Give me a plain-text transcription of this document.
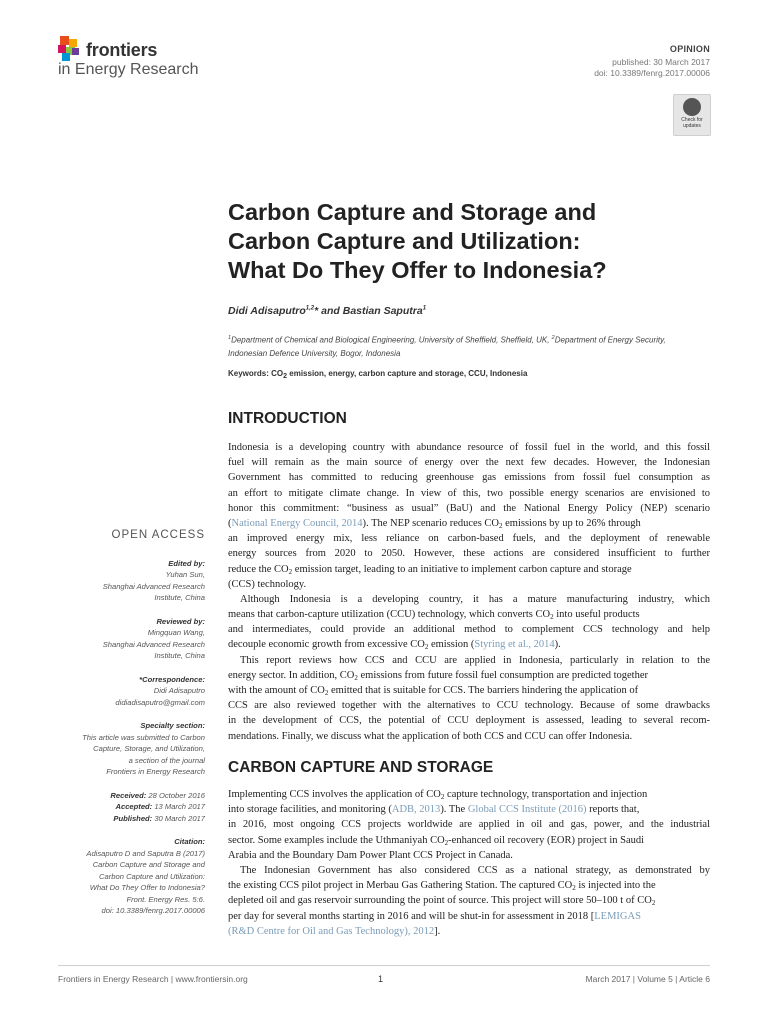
frontiers
in Energy Research
OPINION
published: 30 March 2017
doi: 10.3389/fenrg.2017.00006
Check for updates
Carbon Capture and Storage and
Carbon Capture and Utilization:
What Do They Offer to Indonesia?
Didi Adisaputro$^{1,2}$* and Bastian Saputra$^1$
$^1$Department of Chemical and Biological Engineering, University of Sheffield, Sheffield, UK, $^2$Department of Energy Security,
Indonesian Defence University, Bogor, Indonesia
Keywords: $CO_2$ emission, energy, carbon capture and storage, CCU, Indonesia
OPEN ACCESS
Edited by:
Yuhan Sun,
Shanghai Advanced Research
Institute, China
Reviewed by:
Mingquan Wang,
Shanghai Advanced Research
Institute, China
*Correspondence:
Didi Adisaputro
didiadisaputro@gmail.com
Specialty section:
This article was submitted to Carbon
Capture, Storage, and Utilization,
a section of the journal
Frontiers in Energy Research
Received: 28 October 2016
Accepted: 13 March 2017
Published: 30 March 2017
Citation:
Adisaputro D and Saputra B (2017)
Carbon Capture and Storage and
Carbon Capture and Utilization:
What Do They Offer to Indonesia?
Front. Energy Res. 5:6.
doi: 10.3389/fenrg.2017.00006
INTRODUCTION
Indonesia is a developing country with abundance resource of fossil fuel in the world, and this fossil
fuel will remain as the main source of energy over the next few decades. However, the Indonesian
Government has committed to reducing greenhouse gas emissions from fossil fuel consumption as
an effort to mitigate climate change. In view of this, two possible energy scenarios are envisioned to
honor this commitment: “business as usual” (BaU) and the National Energy Policy (NEP) scenario
(National Energy Council, 2014). The NEP scenario reduces $CO_2$ emissions by up to 26% through
an improved energy mix, less reliance on carbon-based fuels, and the deployment of renewable
energy sources from 2020 to 2050. However, these actions are considered insufficient to further
reduce the $CO_2$ emission target, leading to an initiative to implement carbon capture and storage
(CCS) technology.
Although Indonesia is a developing country, it has a mature manufacturing industry, which
means that carbon-capture utilization (CCU) technology, which converts $CO_2$ into useful products
and intermediates, could provide an additional method to complement CCS technology and help
decouple economic growth from excessive $CO_2$ emission (Styring et al., 2014).
This report reviews how CCS and CCU are applied in Indonesia, particularly in relation to the
energy sector. In addition, $CO_2$ emissions from future fossil fuel consumption are predicted together
with the amount of $CO_2$ emitted that is suitable for CCS. The barriers hindering the application of
CCS are also reviewed together with the alternatives to CCU technology. Because of some drawbacks
in the development of CCS, the potential of CCU deployment is assessed, leading to several recom-
mendations. Finally, we discuss what the application of both CCS and CCU can offer Indonesia.
CARBON CAPTURE AND STORAGE
Implementing CCS involves the application of $CO_2$ capture technology, transportation and injection
into storage facilities, and monitoring (ADB, 2013). The Global CCS Institute (2016) reports that,
in 2016, most ongoing CCS projects worldwide are applied in oil and gas, power, and the industrial
sector. Some examples include the Uthmaniyah $CO_2$-enhanced oil recovery (EOR) project in Saudi
Arabia and the Boundary Dam Power Plant CCS Project in Canada.
The Indonesian Government has also considered CCS as a national strategy, as demonstrated by
the existing CCS pilot project in Merbau Gas Gathering Station. The captured $CO_2$ is injected into the
depleted oil and gas reservoir surrounding the point of source. This project will store 50–100 t of $CO_2$
per day for several months starting in 2016 and will be shut-in for assessment in 2018 [LEMIGAS
(R&D Centre for Oil and Gas Technology), 2012].
Frontiers in Energy Research | www.frontiersin.org	1	March 2017 | Volume 5 | Article 6
